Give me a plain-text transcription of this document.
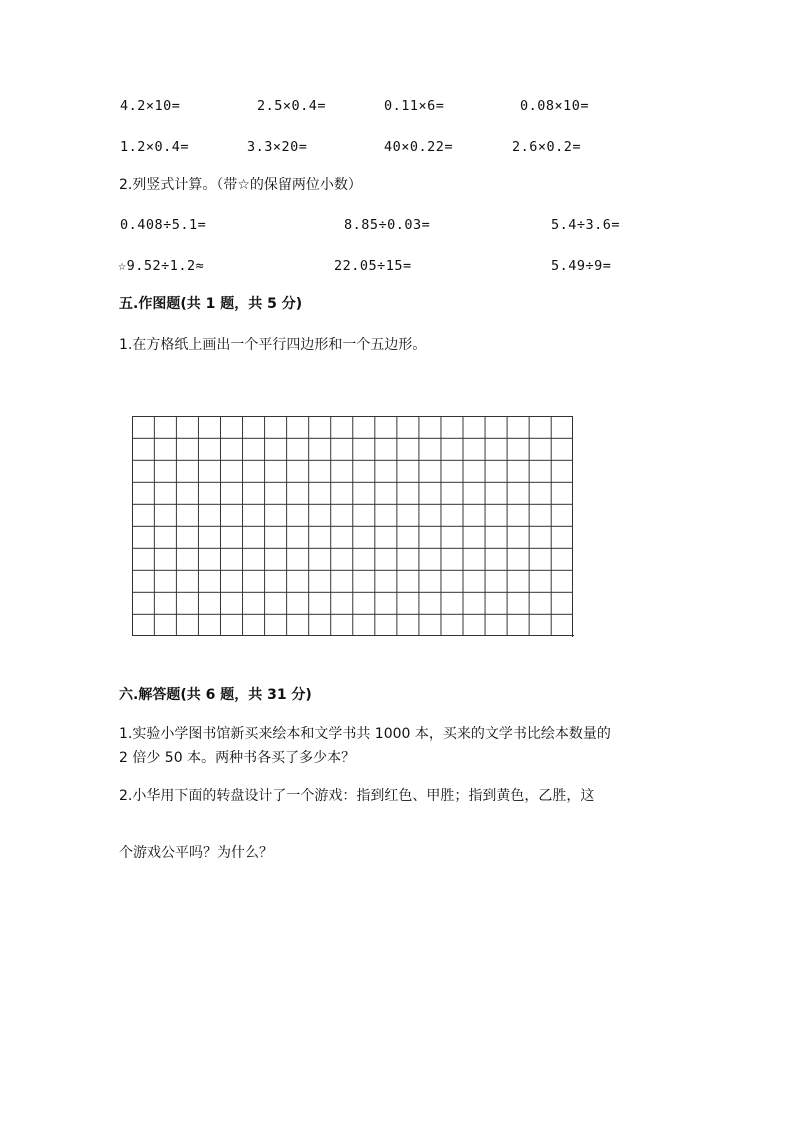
4.2×10=	2.5×0.4=	0.11×6=	0.08×10=
1.2×0.4=	3.3×20=	40×0.22=	2.6×0.2=
2.列竖式计算。（带☆的保留两位小数）
0.408÷5.1=	8.85÷0.03=	5.4÷3.6=
☆9.52÷1.2≈	22.05÷15=	5.49÷9=
五.作图题(共 1 题，共 5 分)
1.在方格纸上画出一个平行四边形和一个五边形。
六.解答题(共 6 题，共 31 分)
1.实验小学图书馆新买来绘本和文学书共 1000 本，买来的文学书比绘本数量的
2 倍少 50 本。两种书各买了多少本？
2.小华用下面的转盘设计了一个游戏：指到红色、甲胜；指到黄色，乙胜，这
个游戏公平吗？为什么？
